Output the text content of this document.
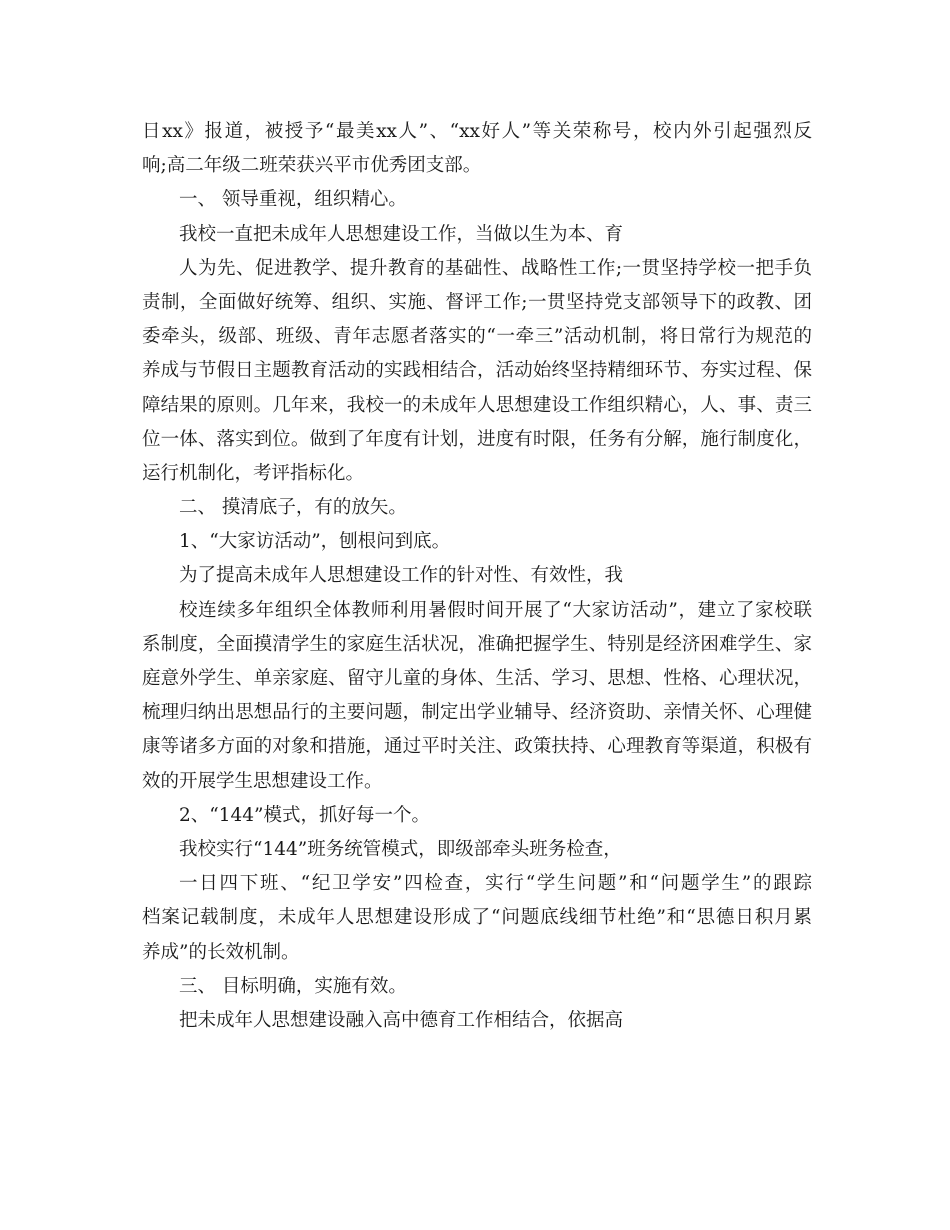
日xx》报道，被授予“最美xx人”、“xx好人”等关荣称号，校内外引起强烈反
响;高二年级二班荣获兴平市优秀团支部。
一、 领导重视，组织精心。
我校一直把未成年人思想建设工作，当做以生为本、育
人为先、促进教学、提升教育的基础性、战略性工作;一贯坚持学校一把手负
责制，全面做好统筹、组织、实施、督评工作;一贯坚持党支部领导下的政教、团
委牵头，级部、班级、青年志愿者落实的“一牵三”活动机制，将日常行为规范的
养成与节假日主题教育活动的实践相结合，活动始终坚持精细环节、夯实过程、保
障结果的原则。几年来，我校一的未成年人思想建设工作组织精心，人、事、责三
位一体、落实到位。做到了年度有计划，进度有时限，任务有分解，施行制度化，
运行机制化，考评指标化。
二、 摸清底子，有的放矢。
1、“大家访活动”，刨根问到底。
为了提高未成年人思想建设工作的针对性、有效性，我
校连续多年组织全体教师利用暑假时间开展了“大家访活动”，建立了家校联
系制度，全面摸清学生的家庭生活状况，准确把握学生、特别是经济困难学生、家
庭意外学生、单亲家庭、留守儿童的身体、生活、学习、思想、性格、心理状况，
梳理归纳出思想品行的主要问题，制定出学业辅导、经济资助、亲情关怀、心理健
康等诸多方面的对象和措施，通过平时关注、政策扶持、心理教育等渠道，积极有
效的开展学生思想建设工作。
2、“144”模式，抓好每一个。
我校实行“144”班务统管模式，即级部牵头班务检查，
一日四下班、“纪卫学安”四检查，实行“学生问题”和“问题学生”的跟踪
档案记载制度，未成年人思想建设形成了“问题底线细节杜绝”和“思德日积月累
养成”的长效机制。
三、 目标明确，实施有效。
把未成年人思想建设融入高中德育工作相结合，依据高
